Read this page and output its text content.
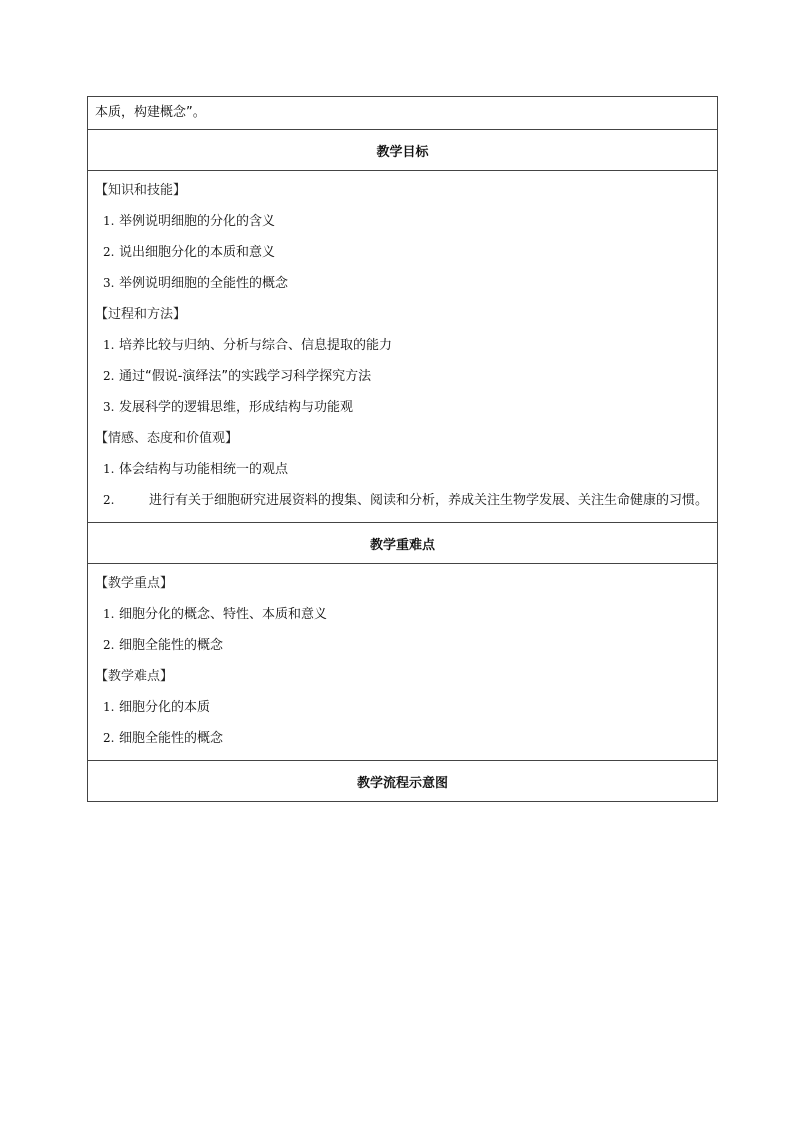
本质，构建概念”。
教学目标
【知识和技能】
1. 举例说明细胞的分化的含义
2. 说出细胞分化的本质和意义
3. 举例说明细胞的全能性的概念
【过程和方法】
1. 培养比较与归纳、分析与综合、信息提取的能力
2. 通过“假说-演绎法”的实践学习科学探究方法
3. 发展科学的逻辑思维，形成结构与功能观
【情感、态度和价值观】
1. 体会结构与功能相统一的观点
2.	进行有关于细胞研究进展资料的搜集、阅读和分析，养成关注生物学发展、关注生命健康的习惯。
教学重难点
【教学重点】
1. 细胞分化的概念、特性、本质和意义
2. 细胞全能性的概念
【教学难点】
1. 细胞分化的本质
2. 细胞全能性的概念
教学流程示意图
